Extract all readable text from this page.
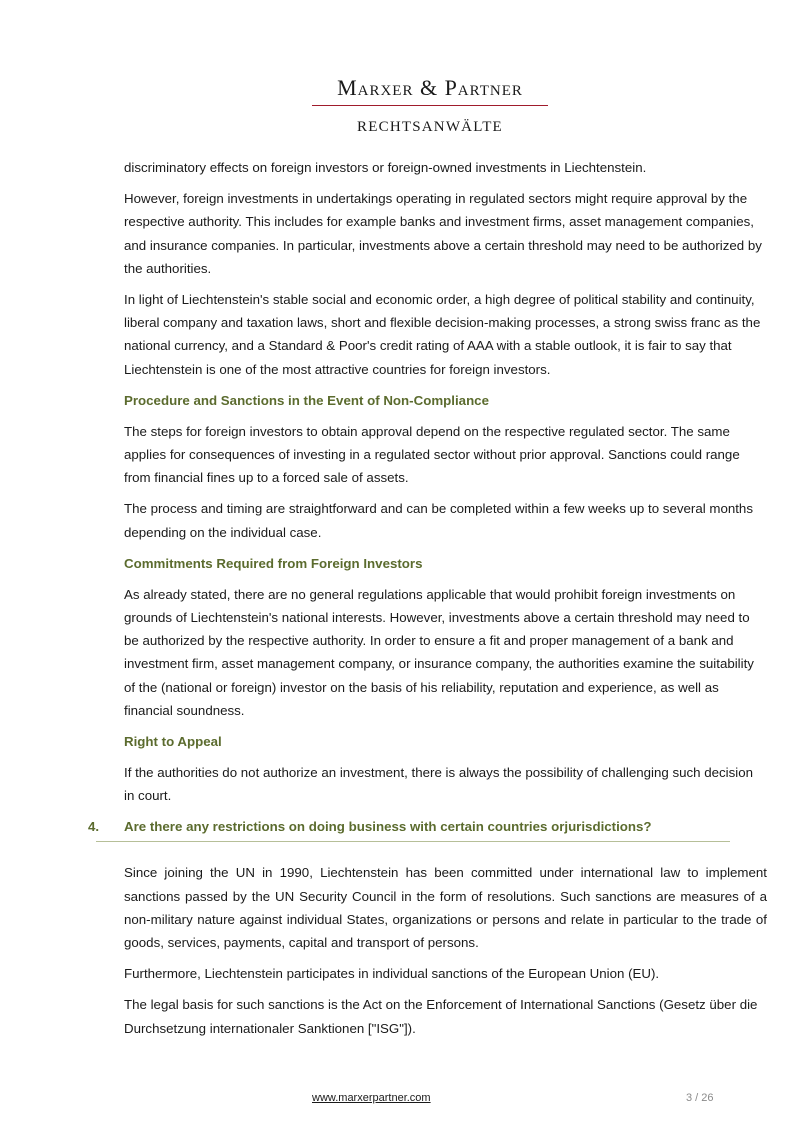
Marxer & Partner
RECHTSANWÄLTE

discriminatory effects on foreign investors or foreign-owned investments in Liechtenstein.

However, foreign investments in undertakings operating in regulated sectors might require approval by the respective authority. This includes for example banks and investment firms, asset management companies, and insurance companies. In particular, investments above a certain threshold may need to be authorized by the authorities.

In light of Liechtenstein's stable social and economic order, a high degree of political stability and continuity, liberal company and taxation laws, short and flexible decision-making processes, a strong swiss franc as the national currency, and a Standard & Poor's credit rating of AAA with a stable outlook, it is fair to say that Liechtenstein is one of the most attractive countries for foreign investors.

Procedure and Sanctions in the Event of Non-Compliance

The steps for foreign investors to obtain approval depend on the respective regulated sector. The same applies for consequences of investing in a regulated sector without prior approval. Sanctions could range from financial fines up to a forced sale of assets.

The process and timing are straightforward and can be completed within a few weeks up to several months depending on the individual case.

Commitments Required from Foreign Investors

As already stated, there are no general regulations applicable that would prohibit foreign investments on grounds of Liechtenstein's national interests. However, investments above a certain threshold may need to be authorized by the respective authority. In order to ensure a fit and proper management of a bank and investment firm, asset management company, or insurance company, the authorities examine the suitability of the (national or foreign) investor on the basis of his reliability, reputation and experience, as well as financial soundness.

Right to Appeal

If the authorities do not authorize an investment, there is always the possibility of challenging such decision in court.

4. Are there any restrictions on doing business with certain countries orjurisdictions?

Since joining the UN in 1990, Liechtenstein has been committed under international law to implement sanctions passed by the UN Security Council in the form of resolutions. Such sanctions are measures of a non-military nature against individual States, organizations or persons and relate in particular to the trade of goods, services, payments, capital and transport of persons.

Furthermore, Liechtenstein participates in individual sanctions of the European Union (EU).

The legal basis for such sanctions is the Act on the Enforcement of International Sanctions (Gesetz über die Durchsetzung internationaler Sanktionen ["ISG"]).

www.marxerpartner.com	3 / 26
